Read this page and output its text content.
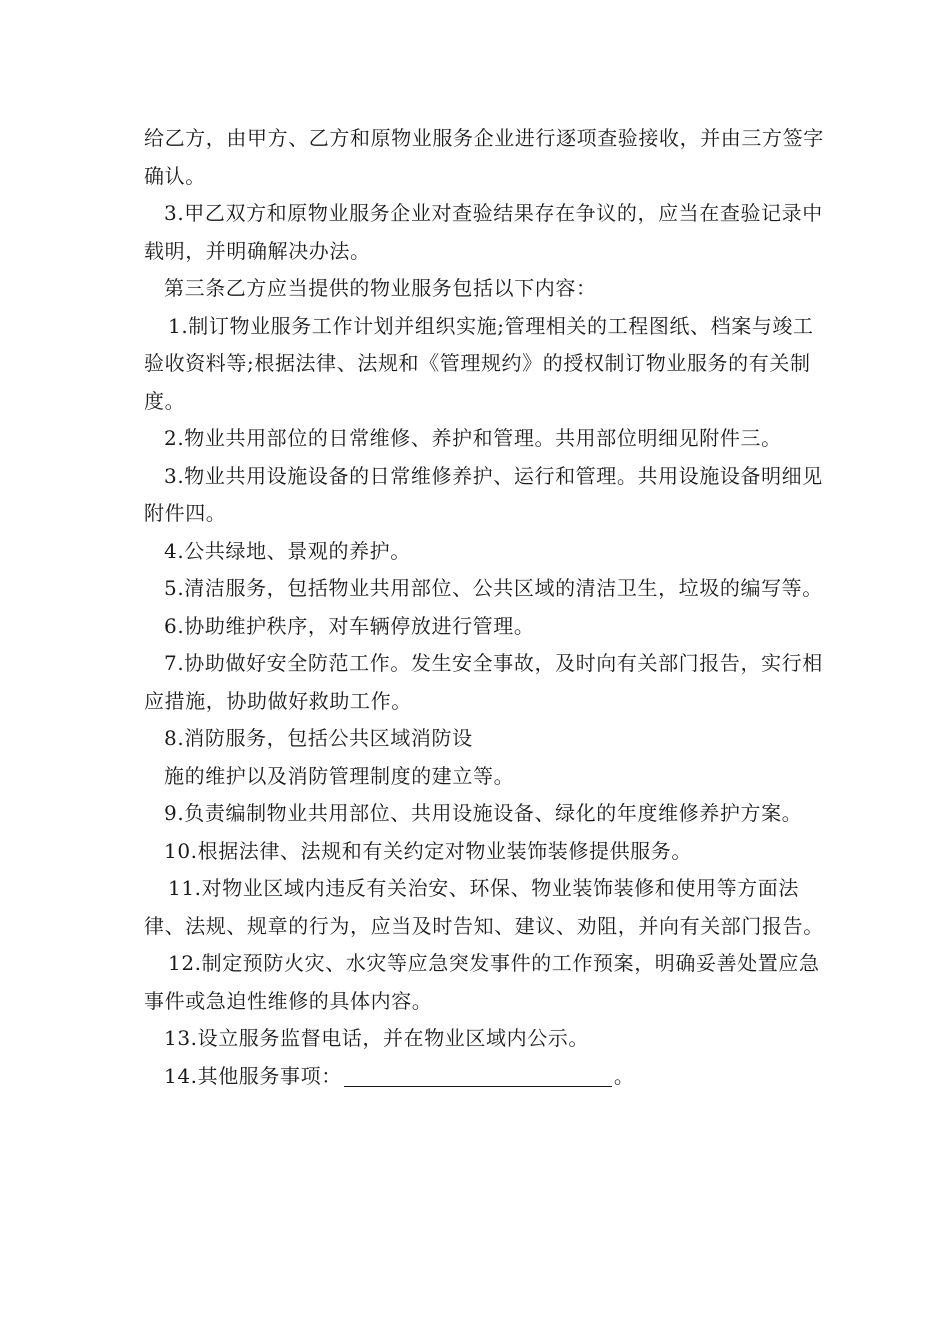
给乙方，由甲方、乙方和原物业服务企业进行逐项查验接收，并由三方签字确认。

3.甲乙双方和原物业服务企业对查验结果存在争议的，应当在查验记录中载明，并明确解决办法。

第三条乙方应当提供的物业服务包括以下内容：

1.制订物业服务工作计划并组织实施;管理相关的工程图纸、档案与竣工验收资料等;根据法律、法规和《管理规约》的授权制订物业服务的有关制度。

2.物业共用部位的日常维修、养护和管理。共用部位明细见附件三。

3.物业共用设施设备的日常维修养护、运行和管理。共用设施设备明细见附件四。

4.公共绿地、景观的养护。

5.清洁服务，包括物业共用部位、公共区域的清洁卫生，垃圾的编写等。

6.协助维护秩序，对车辆停放进行管理。

7.协助做好安全防范工作。发生安全事故，及时向有关部门报告，实行相应措施，协助做好救助工作。

8.消防服务，包括公共区域消防设

施的维护以及消防管理制度的建立等。

9.负责编制物业共用部位、共用设施设备、绿化的年度维修养护方案。

10.根据法律、法规和有关约定对物业装饰装修提供服务。

11.对物业区域内违反有关治安、环保、物业装饰装修和使用等方面法律、法规、规章的行为，应当及时告知、建议、劝阻，并向有关部门报告。

12.制定预防火灾、水灾等应急突发事件的工作预案，明确妥善处置应急事件或急迫性维修的具体内容。

13.设立服务监督电话，并在物业区域内公示。

14.其他服务事项：	。
